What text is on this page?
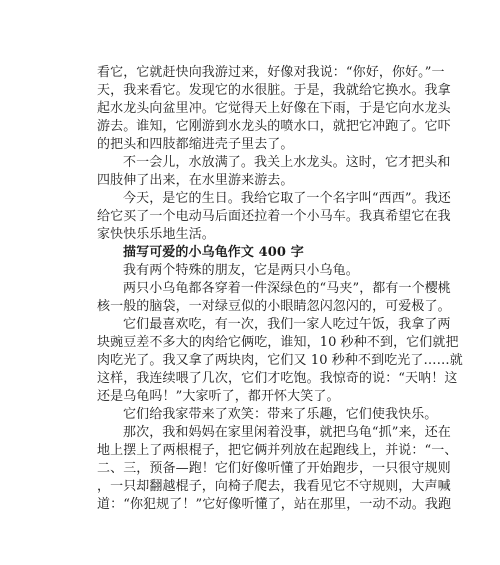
看它，它就赶快向我游过来，好像对我说：“你好，你好。”一
天，我来看它。发现它的水很脏。于是，我就给它换水。我拿
起水龙头向盆里冲。它觉得天上好像在下雨，于是它向水龙头
游去。谁知，它刚游到水龙头的喷水口，就把它冲跑了。它吓
的把头和四肢都缩进壳子里去了。
不一会儿，水放满了。我关上水龙头。这时，它才把头和
四肢伸了出来，在水里游来游去。
今天，是它的生日。我给它取了一个名字叫“西西”。我还
给它买了一个电动马后面还拉着一个小马车。我真希望它在我
家快快乐乐地生活。
描写可爱的小乌龟作文 400 字
我有两个特殊的朋友，它是两只小乌龟。
两只小乌龟都各穿着一件深绿色的“马夹”，都有一个樱桃
核一般的脑袋，一对绿豆似的小眼睛忽闪忽闪的，可爱极了。
它们最喜欢吃，有一次，我们一家人吃过午饭，我拿了两
块豌豆差不多大的肉给它俩吃，谁知，10 秒种不到，它们就把
肉吃光了。我又拿了两块肉，它们又 10 秒种不到吃光了……就
这样，我连续喂了几次，它们才吃饱。我惊奇的说：“天呐！这
还是乌龟吗！”大家听了，都开怀大笑了。
它们给我家带来了欢笑：带来了乐趣，它们使我快乐。
那次，我和妈妈在家里闲着没事，就把乌龟“抓”来，还在
地上摆上了两根棍子，把它俩并列放在起跑线上，并说：“一、
二、三，预备—跑！它们好像听懂了开始跑步，一只很守规则
，一只却翻越棍子，向椅子爬去，我看见它不守规则，大声喊
道：“你犯规了！”它好像听懂了，站在那里，一动不动。我跑
